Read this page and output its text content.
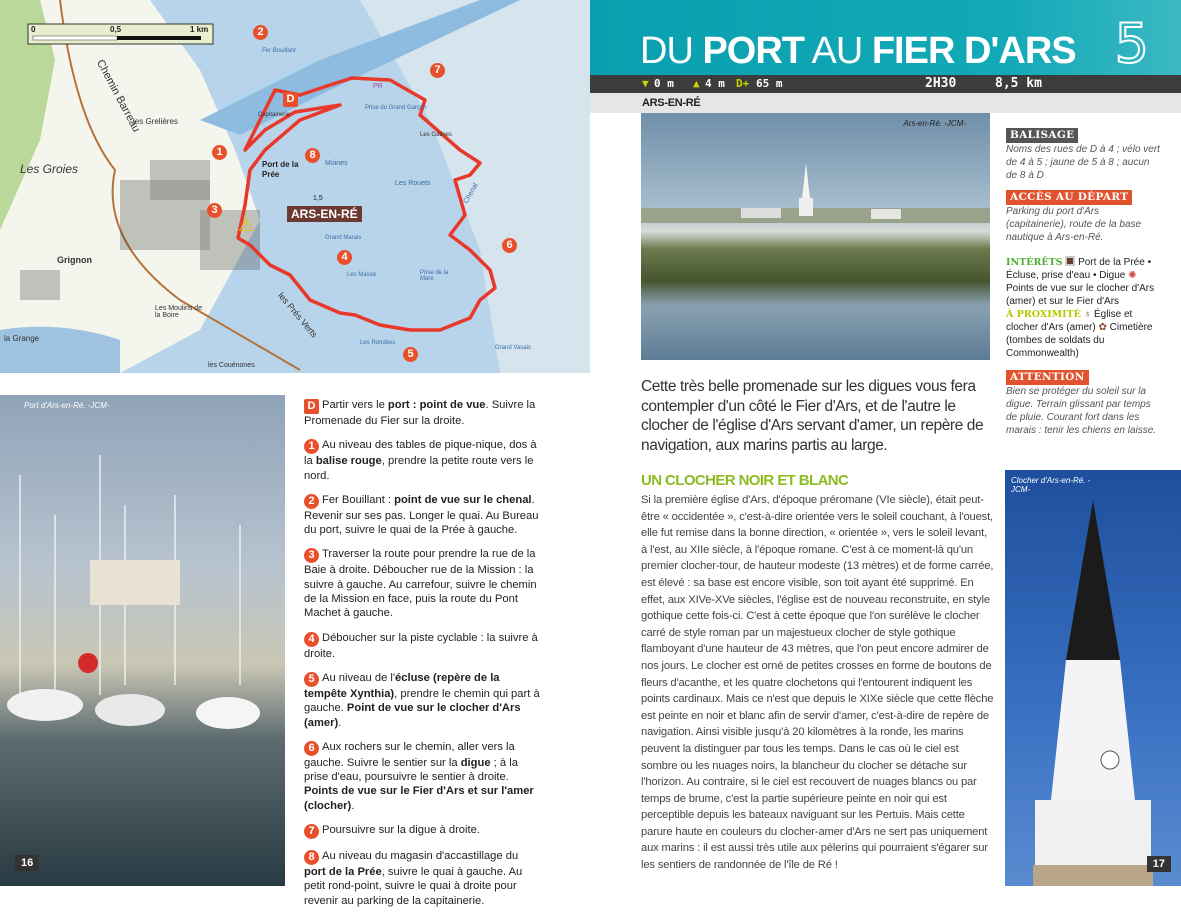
0	0,5	1 km
Chemin Barreau
les Grelières
Les Groies
Grignon
Les Moulins de la Boire
la Grange
les Couénones
les Prés Verts
Fer Bouillant
Capitainerie
Port de la Prée
Moines
Les Rouets
Les Gâtines
Prise du Grand Garçon
Grand Marais
Les Massé	Prise de la Mare
Les Rondées
Grand Vasais
Chenal
PR
1,5
ARS-EN-RÉ
⚠
D
1
2
3
4
5
6
7
8
Port d'Ars-en-Ré. -JCM-
16

D Partir vers le port : point de vue. Suivre la Promenade du Fier sur la droite.

1 Au niveau des tables de pique-nique, dos à la balise rouge, prendre la petite route vers le nord.

2 Fer Bouillant : point de vue sur le chenal. Revenir sur ses pas. Longer le quai. Au Bureau du port, suivre le quai de la Prée à gauche.

3 Traverser la route pour prendre la rue de la Baie à droite. Déboucher rue de la Mission : la suivre à gauche. Au carrefour, suivre le chemin de la Mission en face, puis la route du Pont Machet à gauche.

4 Déboucher sur la piste cyclable : la suivre à droite.

5 Au niveau de l'écluse (repère de la tempête Xynthia), prendre le chemin qui part à gauche. Point de vue sur le clocher d'Ars (amer).

6 Aux rochers sur le chemin, aller vers la gauche. Suivre le sentier sur la digue ; à la prise d'eau, poursuivre le sentier à droite. Points de vue sur le Fier d'Ars et sur l'amer (clocher).

7 Poursuivre sur la digue à droite.

8 Au niveau du magasin d'accastillage du port de la Prée, suivre le quai à gauche. Au petit rond-point, suivre le quai à droite pour revenir au parking de la capitainerie.

DU PORT AU FIER D'ARS 5
▼ 0 m ▲ 4 m D+ 65 m	2H30	8,5 km
ARS-EN-RÉ
Ars-en-Ré. -JCM-
Cette très belle promenade sur les digues vous fera contempler d'un côté le Fier d'Ars, et de l'autre le clocher de l'église d'Ars servant d'amer, un repère de navigation, aux marins partis au large.
UN CLOCHER NOIR ET BLANC
Si la première église d'Ars, d'époque préromane (VIe siècle), était peut-être « occidentée », c'est-à-dire orientée vers le soleil couchant, à l'ouest, elle fut remise dans la bonne direction, « orientée », vers le soleil levant, à l'est, au XIIe siècle, à l'époque romane. C'est à ce moment-là qu'un premier clocher-tour, de hauteur modeste (13 mètres) et de forme carrée, est élevé : sa base est encore visible, son toit ayant été supprimé. En effet, aux XIVe-XVe siècles, l'église est de nouveau reconstruite, en style gothique cette fois-ci. C'est à cette époque que l'on surélève le clocher carré de style roman par un majestueux clocher de style gothique flamboyant d'une hauteur de 43 mètres, que l'on peut encore admirer de nos jours. Le clocher est orné de petites crosses en forme de boutons de fleurs d'acanthe, et les quatre clochetons qui l'entourent indiquent les points cardinaux. Mais ce n'est que depuis le XIXe siècle que cette flèche est peinte en noir et blanc afin de servir d'amer, c'est-à-dire de repère de navigation. Ainsi visible jusqu'à 20 kilomètres à la ronde, les marins peuvent la distinguer par tous les temps. Dans le cas où le ciel est sombre ou les nuages noirs, la blancheur du clocher se détache sur l'horizon. Au contraire, si le ciel est recouvert de nuages blancs ou par temps de brume, c'est la partie supérieure peinte en noir qui est perceptible depuis les bateaux naviguant sur les Pertuis. Mais cette parure haute en couleurs du clocher-amer d'Ars ne sert pas uniquement aux marins : il est aussi très utile aux pèlerins qui pourraient s'égarer sur les sentiers de randonnée de l'île de Ré !
BALISAGE
Noms des rues de D à 4 ; vélo vert de 4 à 5 ; jaune de 5 à 8 ; aucun de 8 à D
ACCÈS AU DÉPART
Parking du port d'Ars (capitainerie), route de la base nautique à Ars-en-Ré.
INTÉRÊTS Port de la Prée • Écluse, prise d'eau • Digue ✺ Points de vue sur le clocher d'Ars (amer) et sur le Fier d'Ars
À PROXIMITÉ ♁ Église et clocher d'Ars (amer) ✿ Cimetière (tombes de soldats du Commonwealth)
ATTENTION
Bien se protéger du soleil sur la digue. Terrain glissant par temps de pluie. Courant fort dans les marais : tenir les chiens en laisse.
Clocher d'Ars-en-Ré. -JCM-
17
